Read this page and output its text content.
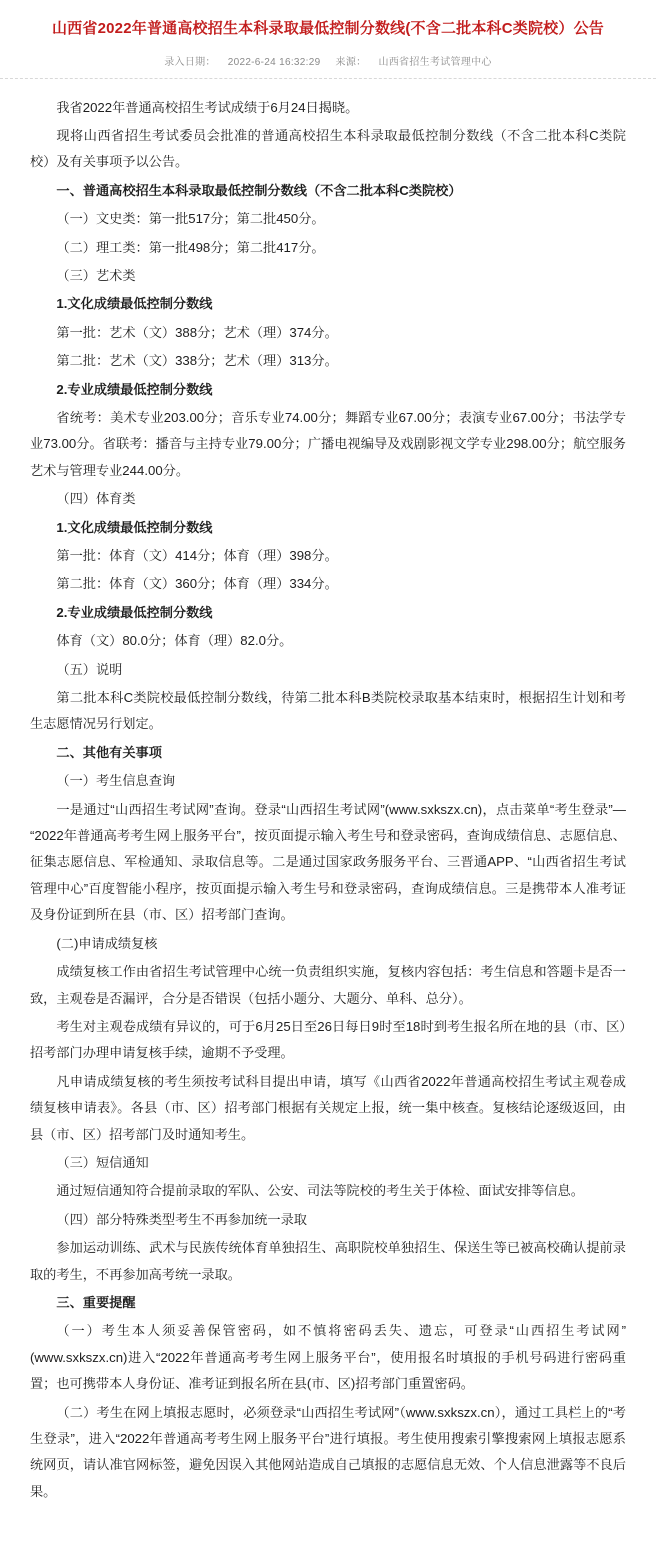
山西省2022年普通高校招生本科录取最低控制分数线(不含二批本科C类院校）公告
录入日期： 2022-6-24 16:32:29 来源： 山西省招生考试管理中心

我省2022年普通高校招生考试成绩于6月24日揭晓。

现将山西省招生考试委员会批准的普通高校招生本科录取最低控制分数线（不含二批本科C类院校）及有关事项予以公告。

一、普通高校招生本科录取最低控制分数线（不含二批本科C类院校）

（一）文史类：第一批517分；第二批450分。

（二）理工类：第一批498分；第二批417分。

（三）艺术类

1.文化成绩最低控制分数线

第一批：艺术（文）388分；艺术（理）374分。

第二批：艺术（文）338分；艺术（理）313分。

2.专业成绩最低控制分数线

省统考：美术专业203.00分；音乐专业74.00分；舞蹈专业67.00分；表演专业67.00分；书法学专业73.00分。省联考：播音与主持专业79.00分；广播电视编导及戏剧影视文学专业298.00分；航空服务艺术与管理专业244.00分。

（四）体育类

1.文化成绩最低控制分数线

第一批：体育（文）414分；体育（理）398分。

第二批：体育（文）360分；体育（理）334分。

2.专业成绩最低控制分数线

体育（文）80.0分；体育（理）82.0分。

（五）说明

第二批本科C类院校最低控制分数线，待第二批本科B类院校录取基本结束时，根据招生计划和考生志愿情况另行划定。

二、其他有关事项

（一）考生信息查询

一是通过“山西招生考试网”查询。登录“山西招生考试网”(www.sxkszx.cn)，点击菜单“考生登录”—“2022年普通高考考生网上服务平台”，按页面提示输入考生号和登录密码，查询成绩信息、志愿信息、征集志愿信息、军检通知、录取信息等。二是通过国家政务服务平台、三晋通APP、“山西省招生考试管理中心”百度智能小程序，按页面提示输入考生号和登录密码，查询成绩信息。三是携带本人准考证及身份证到所在县（市、区）招考部门查询。

(二)申请成绩复核

成绩复核工作由省招生考试管理中心统一负责组织实施，复核内容包括：考生信息和答题卡是否一致，主观卷是否漏评，合分是否错误（包括小题分、大题分、单科、总分）。

考生对主观卷成绩有异议的，可于6月25日至26日每日9时至18时到考生报名所在地的县（市、区）招考部门办理申请复核手续，逾期不予受理。

凡申请成绩复核的考生须按考试科目提出申请，填写《山西省2022年普通高校招生考试主观卷成绩复核申请表》。各县（市、区）招考部门根据有关规定上报，统一集中核查。复核结论逐级返回，由县（市、区）招考部门及时通知考生。

（三）短信通知

通过短信通知符合提前录取的军队、公安、司法等院校的考生关于体检、面试安排等信息。

（四）部分特殊类型考生不再参加统一录取

参加运动训练、武术与民族传统体育单独招生、高职院校单独招生、保送生等已被高校确认提前录取的考生，不再参加高考统一录取。

三、重要提醒

（一）考生本人须妥善保管密码，如不慎将密码丢失、遗忘，可登录“山西招生考试网”(www.sxkszx.cn)进入“2022年普通高考考生网上服务平台”，使用报名时填报的手机号码进行密码重置；也可携带本人身份证、准考证到报名所在县(市、区)招考部门重置密码。

（二）考生在网上填报志愿时，必须登录“山西招生考试网”（www.sxkszx.cn），通过工具栏上的“考生登录”，进入“2022年普通高考考生网上服务平台”进行填报。考生使用搜索引擎搜索网上填报志愿系统网页，请认准官网标签，避免因误入其他网站造成自己填报的志愿信息无效、个人信息泄露等不良后果。
